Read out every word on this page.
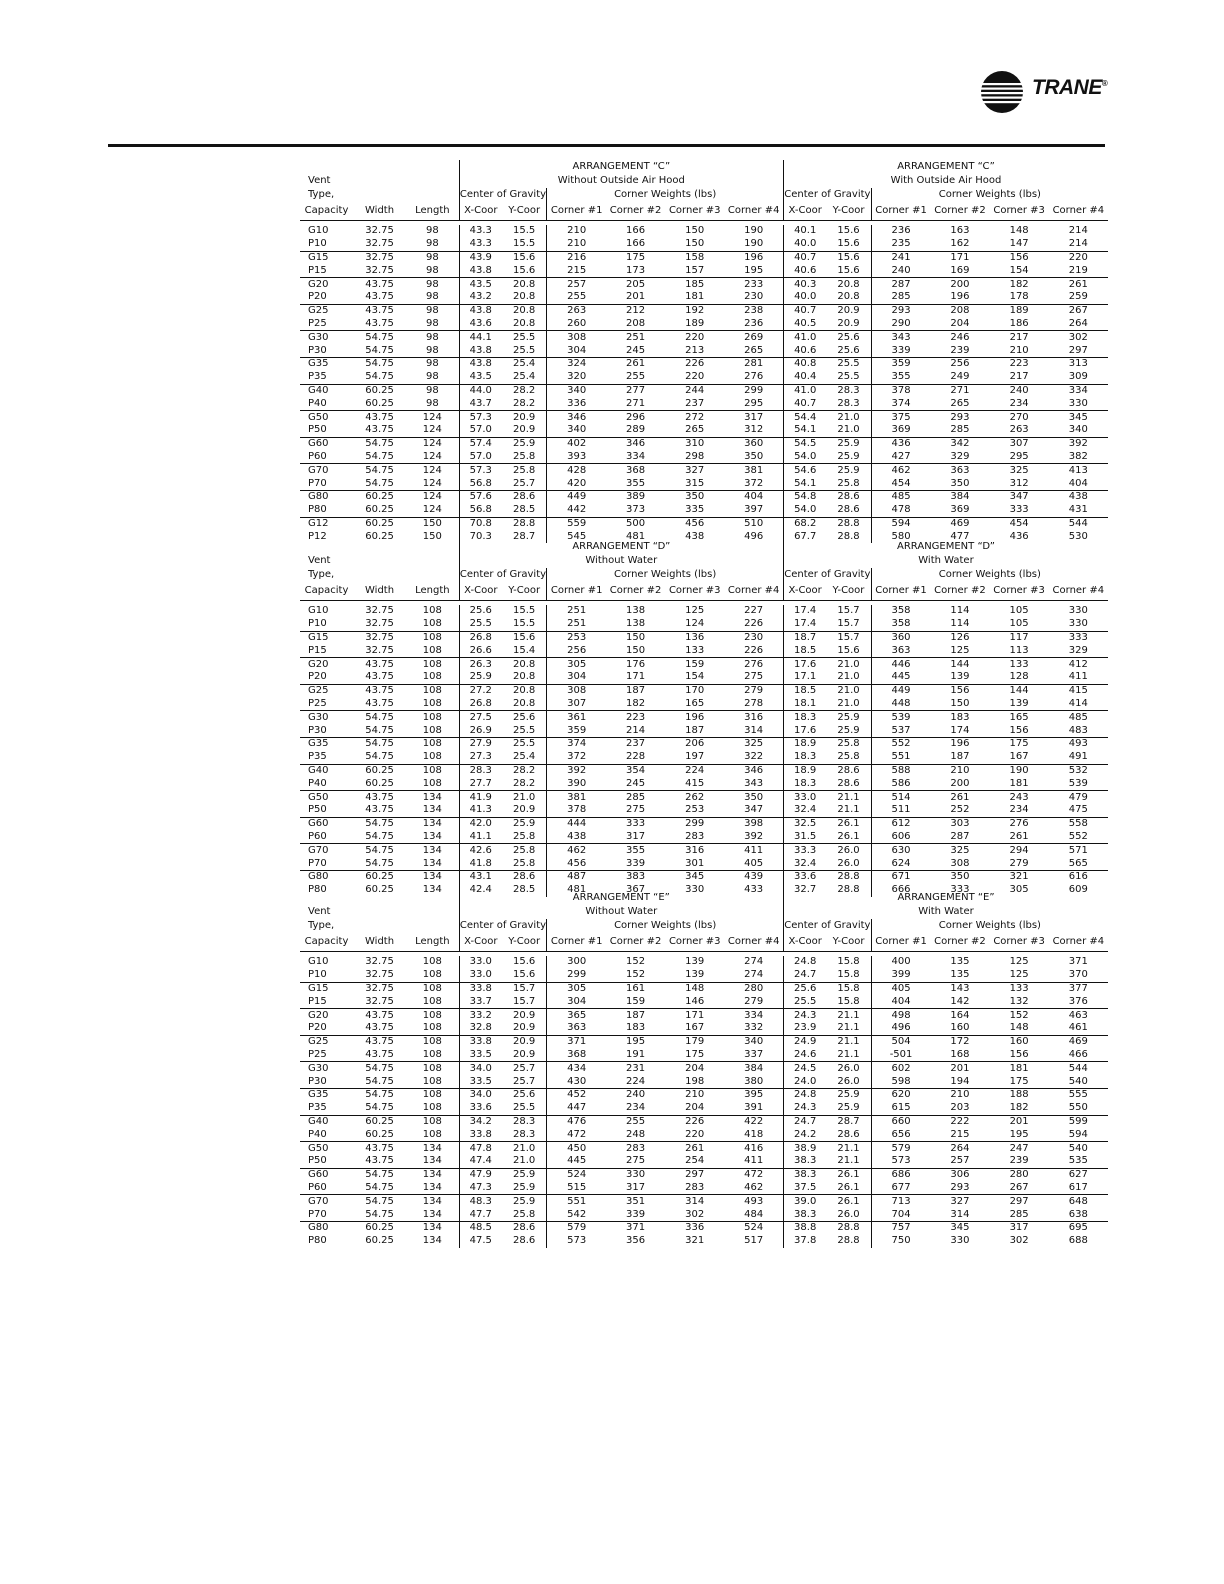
TRANE®
			ARRANGEMENT “C”						ARRANGEMENT “C”					
Vent			Without Outside Air Hood						With Outside Air Hood					
Type,			Center of Gravity		Corner Weights (lbs)				Center of Gravity		Corner Weights (lbs)			
Capacity	Width	Length	X-Coor	Y-Coor	Corner #1	Corner #2	Corner #3	Corner #4	X-Coor	Y-Coor	Corner #1	Corner #2	Corner #3	Corner #4

G10	32.75	98	43.3	15.5	210	166	150	190	40.1	15.6	236	163	148	214
P10	32.75	98	43.3	15.5	210	166	150	190	40.0	15.6	235	162	147	214
G15	32.75	98	43.9	15.6	216	175	158	196	40.7	15.6	241	171	156	220
P15	32.75	98	43.8	15.6	215	173	157	195	40.6	15.6	240	169	154	219
G20	43.75	98	43.5	20.8	257	205	185	233	40.3	20.8	287	200	182	261
P20	43.75	98	43.2	20.8	255	201	181	230	40.0	20.8	285	196	178	259
G25	43.75	98	43.8	20.8	263	212	192	238	40.7	20.9	293	208	189	267
P25	43.75	98	43.6	20.8	260	208	189	236	40.5	20.9	290	204	186	264
G30	54.75	98	44.1	25.5	308	251	220	269	41.0	25.6	343	246	217	302
P30	54.75	98	43.8	25.5	304	245	213	265	40.6	25.6	339	239	210	297
G35	54.75	98	43.8	25.4	324	261	226	281	40.8	25.5	359	256	223	313
P35	54.75	98	43.5	25.4	320	255	220	276	40.4	25.5	355	249	217	309
G40	60.25	98	44.0	28.2	340	277	244	299	41.0	28.3	378	271	240	334
P40	60.25	98	43.7	28.2	336	271	237	295	40.7	28.3	374	265	234	330
G50	43.75	124	57.3	20.9	346	296	272	317	54.4	21.0	375	293	270	345
P50	43.75	124	57.0	20.9	340	289	265	312	54.1	21.0	369	285	263	340
G60	54.75	124	57.4	25.9	402	346	310	360	54.5	25.9	436	342	307	392
P60	54.75	124	57.0	25.8	393	334	298	350	54.0	25.9	427	329	295	382
G70	54.75	124	57.3	25.8	428	368	327	381	54.6	25.9	462	363	325	413
P70	54.75	124	56.8	25.7	420	355	315	372	54.1	25.8	454	350	312	404
G80	60.25	124	57.6	28.6	449	389	350	404	54.8	28.6	485	384	347	438
P80	60.25	124	56.8	28.5	442	373	335	397	54.0	28.6	478	369	333	431
G12	60.25	150	70.8	28.8	559	500	456	510	68.2	28.8	594	469	454	544
P12	60.25	150	70.3	28.7	545	481	438	496	67.7	28.8	580	477	436	530
			ARRANGEMENT “D”						ARRANGEMENT “D”					
Vent			Without Water						With Water					
Type,			Center of Gravity		Corner Weights (lbs)				Center of Gravity		Corner Weights (lbs)			
Capacity	Width	Length	X-Coor	Y-Coor	Corner #1	Corner #2	Corner #3	Corner #4	X-Coor	Y-Coor	Corner #1	Corner #2	Corner #3	Corner #4

G10	32.75	108	25.6	15.5	251	138	125	227	17.4	15.7	358	114	105	330
P10	32.75	108	25.5	15.5	251	138	124	226	17.4	15.7	358	114	105	330
G15	32.75	108	26.8	15.6	253	150	136	230	18.7	15.7	360	126	117	333
P15	32.75	108	26.6	15.4	256	150	133	226	18.5	15.6	363	125	113	329
G20	43.75	108	26.3	20.8	305	176	159	276	17.6	21.0	446	144	133	412
P20	43.75	108	25.9	20.8	304	171	154	275	17.1	21.0	445	139	128	411
G25	43.75	108	27.2	20.8	308	187	170	279	18.5	21.0	449	156	144	415
P25	43.75	108	26.8	20.8	307	182	165	278	18.1	21.0	448	150	139	414
G30	54.75	108	27.5	25.6	361	223	196	316	18.3	25.9	539	183	165	485
P30	54.75	108	26.9	25.5	359	214	187	314	17.6	25.9	537	174	156	483
G35	54.75	108	27.9	25.5	374	237	206	325	18.9	25.8	552	196	175	493
P35	54.75	108	27.3	25.4	372	228	197	322	18.3	25.8	551	187	167	491
G40	60.25	108	28.3	28.2	392	354	224	346	18.9	28.6	588	210	190	532
P40	60.25	108	27.7	28.2	390	245	415	343	18.3	28.6	586	200	181	539
G50	43.75	134	41.9	21.0	381	285	262	350	33.0	21.1	514	261	243	479
P50	43.75	134	41.3	20.9	378	275	253	347	32.4	21.1	511	252	234	475
G60	54.75	134	42.0	25.9	444	333	299	398	32.5	26.1	612	303	276	558
P60	54.75	134	41.1	25.8	438	317	283	392	31.5	26.1	606	287	261	552
G70	54.75	134	42.6	25.8	462	355	316	411	33.3	26.0	630	325	294	571
P70	54.75	134	41.8	25.8	456	339	301	405	32.4	26.0	624	308	279	565
G80	60.25	134	43.1	28.6	487	383	345	439	33.6	28.8	671	350	321	616
P80	60.25	134	42.4	28.5	481	367	330	433	32.7	28.8	666	333	305	609
			ARRANGEMENT “E”						ARRANGEMENT “E”					
Vent			Without Water						With Water					
Type,			Center of Gravity		Corner Weights (lbs)				Center of Gravity		Corner Weights (lbs)			
Capacity	Width	Length	X-Coor	Y-Coor	Corner #1	Corner #2	Corner #3	Corner #4	X-Coor	Y-Coor	Corner #1	Corner #2	Corner #3	Corner #4

G10	32.75	108	33.0	15.6	300	152	139	274	24.8	15.8	400	135	125	371
P10	32.75	108	33.0	15.6	299	152	139	274	24.7	15.8	399	135	125	370
G15	32.75	108	33.8	15.7	305	161	148	280	25.6	15.8	405	143	133	377
P15	32.75	108	33.7	15.7	304	159	146	279	25.5	15.8	404	142	132	376
G20	43.75	108	33.2	20.9	365	187	171	334	24.3	21.1	498	164	152	463
P20	43.75	108	32.8	20.9	363	183	167	332	23.9	21.1	496	160	148	461
G25	43.75	108	33.8	20.9	371	195	179	340	24.9	21.1	504	172	160	469
P25	43.75	108	33.5	20.9	368	191	175	337	24.6	21.1	-501	168	156	466
G30	54.75	108	34.0	25.7	434	231	204	384	24.5	26.0	602	201	181	544
P30	54.75	108	33.5	25.7	430	224	198	380	24.0	26.0	598	194	175	540
G35	54.75	108	34.0	25.6	452	240	210	395	24.8	25.9	620	210	188	555
P35	54.75	108	33.6	25.5	447	234	204	391	24.3	25.9	615	203	182	550
G40	60.25	108	34.2	28.3	476	255	226	422	24.7	28.7	660	222	201	599
P40	60.25	108	33.8	28.3	472	248	220	418	24.2	28.6	656	215	195	594
G50	43.75	134	47.8	21.0	450	283	261	416	38.9	21.1	579	264	247	540
P50	43.75	134	47.4	21.0	445	275	254	411	38.3	21.1	573	257	239	535
G60	54.75	134	47.9	25.9	524	330	297	472	38.3	26.1	686	306	280	627
P60	54.75	134	47.3	25.9	515	317	283	462	37.5	26.1	677	293	267	617
G70	54.75	134	48.3	25.9	551	351	314	493	39.0	26.1	713	327	297	648
P70	54.75	134	47.7	25.8	542	339	302	484	38.3	26.0	704	314	285	638
G80	60.25	134	48.5	28.6	579	371	336	524	38.8	28.8	757	345	317	695
P80	60.25	134	47.5	28.6	573	356	321	517	37.8	28.8	750	330	302	688
